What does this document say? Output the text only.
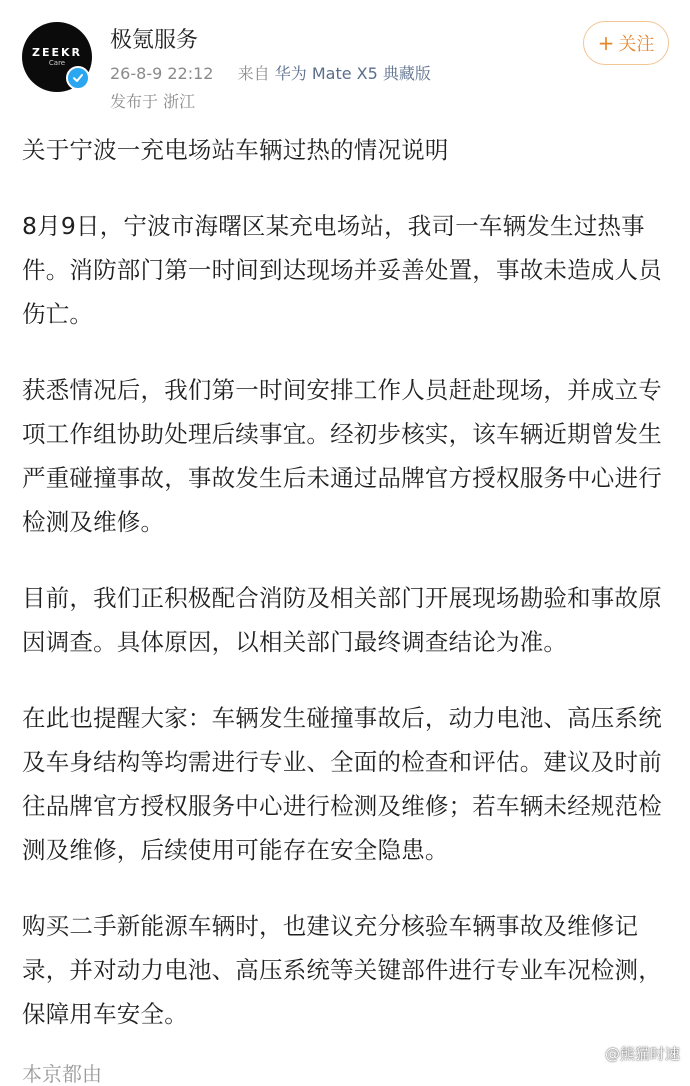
ZEEKR
Care
极氪服务
26-8-9 22:12 来自 华为 Mate X5 典藏版
发布于 浙江
+ 关注

关于宁波一充电场站车辆过热的情况说明

8月9日，宁波市海曙区某充电场站，我司一车辆发生过热事件。消防部门第一时间到达现场并妥善处置，事故未造成人员伤亡。

获悉情况后，我们第一时间安排工作人员赶赴现场，并成立专项工作组协助处理后续事宜。经初步核实，该车辆近期曾发生严重碰撞事故，事故发生后未通过品牌官方授权服务中心进行检测及维修。

目前，我们正积极配合消防及相关部门开展现场勘验和事故原因调查。具体原因，以相关部门最终调查结论为准。

在此也提醒大家：车辆发生碰撞事故后，动力电池、高压系统及车身结构等均需进行专业、全面的检查和评估。建议及时前往品牌官方授权服务中心进行检测及维修；若车辆未经规范检测及维修，后续使用可能存在安全隐患。

购买二手新能源车辆时，也建议充分核验车辆事故及维修记录，并对动力电池、高压系统等关键部件进行专业车况检测，保障用车安全。

本京都由
@熊猫时速
